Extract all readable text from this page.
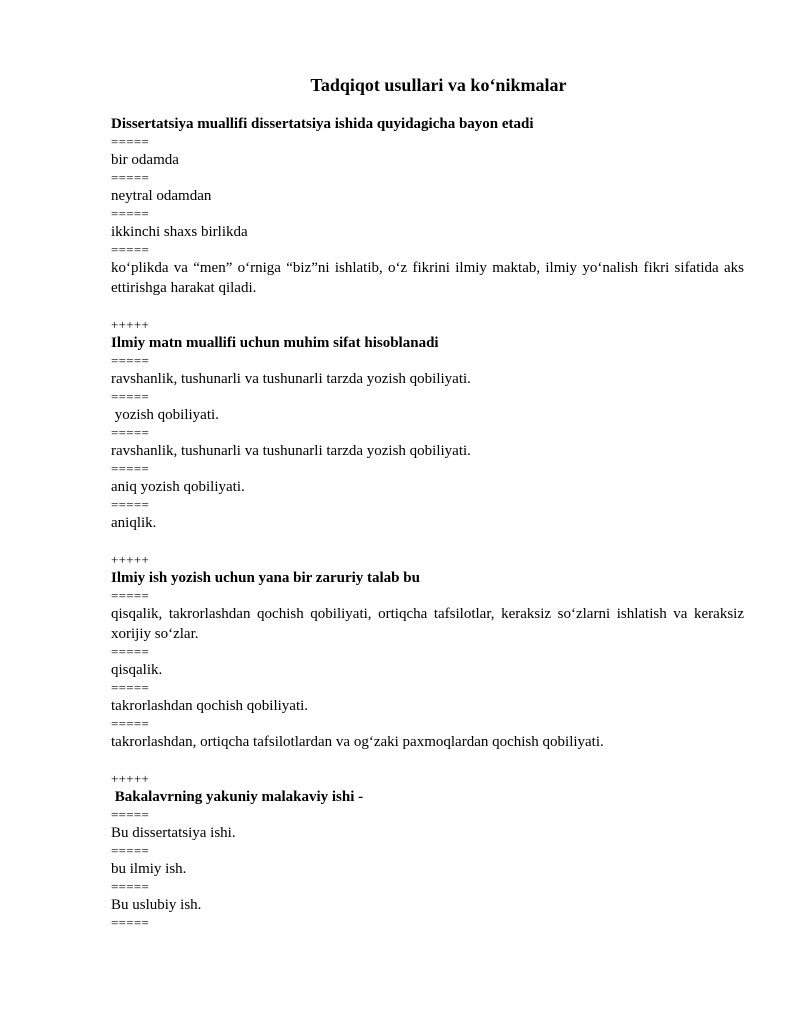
Tadqiqot usullari va ko‘nikmalar
Dissertatsiya muallifi dissertatsiya ishida quyidagicha bayon etadi
=====
bir odamda
=====
neytral odamdan
=====
ikkinchi shaxs birlikda
=====
ko‘plikda va “men” o‘rniga “biz”ni ishlatib, o‘z fikrini ilmiy maktab, ilmiy yo‘nalish fikri sifatida aks ettirishga harakat qiladi.
+++++
Ilmiy matn muallifi uchun muhim sifat hisoblanadi
=====
ravshanlik, tushunarli va tushunarli tarzda yozish qobiliyati.
=====
yozish qobiliyati.
=====
ravshanlik, tushunarli va tushunarli tarzda yozish qobiliyati.
=====
aniq yozish qobiliyati.
=====
aniqlik.
+++++
Ilmiy ish yozish uchun yana bir zaruriy talab bu
=====
qisqalik, takrorlashdan qochish qobiliyati, ortiqcha tafsilotlar, keraksiz so‘zlarni ishlatish va keraksiz xorijiy so‘zlar.
=====
qisqalik.
=====
takrorlashdan qochish qobiliyati.
=====
takrorlashdan, ortiqcha tafsilotlardan va og‘zaki paxmoqlardan qochish qobiliyati.
+++++
Bakalavrning yakuniy malakaviy ishi -
=====
Bu dissertatsiya ishi.
=====
bu ilmiy ish.
=====
Bu uslubiy ish.
=====
